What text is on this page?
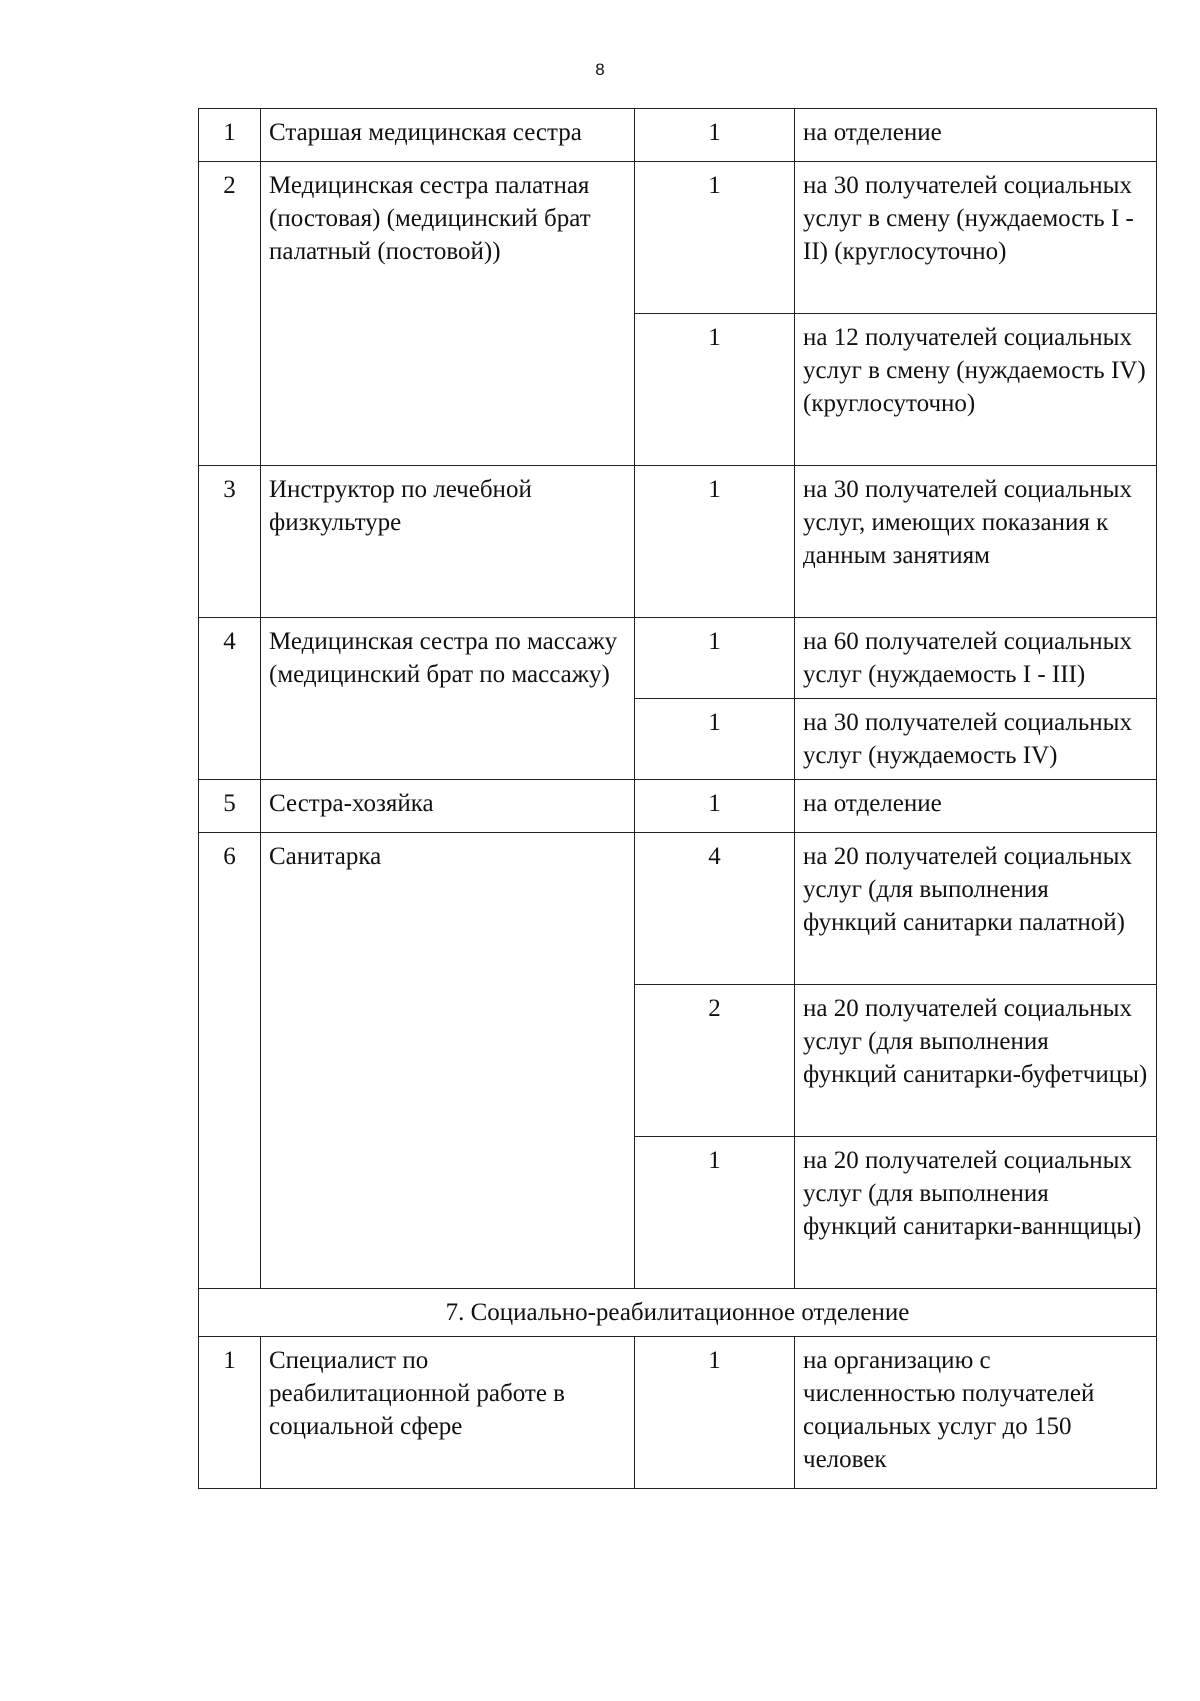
8
1	Старшая медицинская сестра	1	на отделение
2	Медицинская сестра палатная (постовая) (медицинский брат палатный (постовой))	1	на 30 получателей социальных услуг в смену (нуждаемость I - II) (круглосуточно)
		1	на 12 получателей социальных услуг в смену (нуждаемость IV) (круглосуточно)
3	Инструктор по лечебной физкультуре	1	на 30 получателей социальных услуг, имеющих показания к данным занятиям
4	Медицинская сестра по массажу (медицинский брат по массажу)	1	на 60 получателей социальных услуг (нуждаемость I - III)
		1	на 30 получателей социальных услуг (нуждаемость IV)
5	Сестра-хозяйка	1	на отделение
6	Санитарка	4	на 20 получателей социальных услуг (для выполнения функций санитарки палатной)
		2	на 20 получателей социальных услуг (для выполнения функций санитарки-буфетчицы)
		1	на 20 получателей социальных услуг (для выполнения функций санитарки-ваннщицы)
7. Социально-реабилитационное отделение			
1	Специалист по реабилитационной работе в социальной сфере	1	на организацию с численностью получателей социальных услуг до 150 человек
